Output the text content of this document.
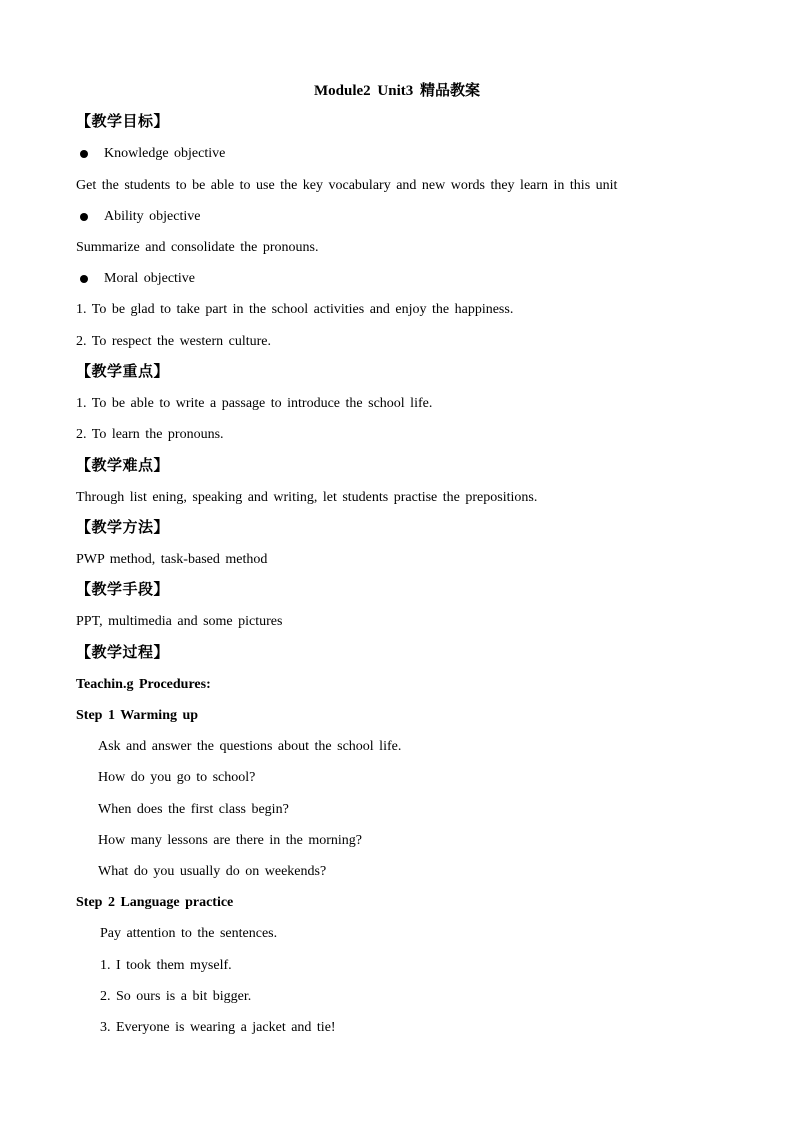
Module2 Unit3 精品教案
【教学目标】
Knowledge objective
Get the students to be able to use the key vocabulary and new words they learn in this unit
Ability objective
Summarize and consolidate the pronouns.
Moral objective
1. To be glad to take part in the school activities and enjoy the happiness.
2. To respect the western culture.
【教学重点】
1. To be able to write a passage to introduce the school life.
2. To learn the pronouns.
【教学难点】
Through list ening, speaking and writing, let students practise the prepositions.
【教学方法】
PWP method, task-based method
【教学手段】
PPT, multimedia and some pictures
【教学过程】
Teachin.g Procedures:
Step 1 Warming up
Ask and answer the questions about the school life.
How do you go to school?
When does the first class begin?
How many lessons are there in the morning?
What do you usually do on weekends?
Step 2 Language practice
Pay attention to the sentences.
1. I took them myself.
2. So ours is a bit bigger.
3. Everyone is wearing a jacket and tie!
